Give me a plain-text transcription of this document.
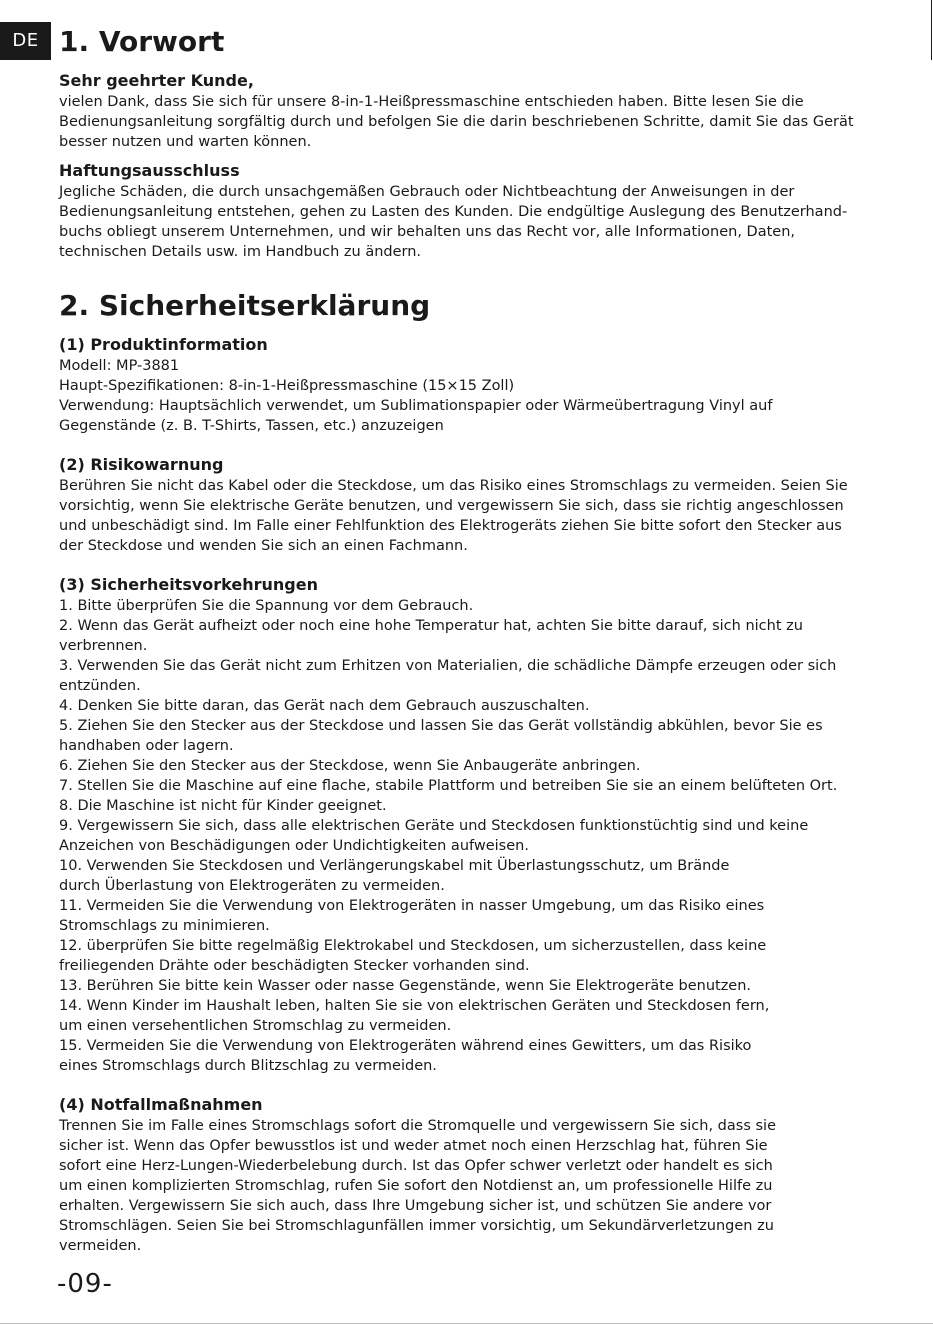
DE 1. Vorwort
Sehr geehrter Kunde,

vielen Dank, dass Sie sich für unsere 8-in-1-Heißpressmaschine entschieden haben. Bitte lesen Sie die

Bedienungsanleitung sorgfältig durch und befolgen Sie die darin beschriebenen Schritte, damit Sie das Gerät

besser nutzen und warten können.

Haftungsausschluss

Jegliche Schäden, die durch unsachgemäßen Gebrauch oder Nichtbeachtung der Anweisungen in der

Bedienungsanleitung entstehen, gehen zu Lasten des Kunden. Die endgültige Auslegung des Benutzerhand-

buchs obliegt unserem Unternehmen, und wir behalten uns das Recht vor, alle Informationen, Daten,

technischen Details usw. im Handbuch zu ändern.

2. Sicherheitserklärung
(1) Produktinformation

Modell: MP-3881

Haupt-Spezifikationen: 8-in-1-Heißpressmaschine (15×15 Zoll)

Verwendung: Hauptsächlich verwendet, um Sublimationspapier oder Wärmeübertragung Vinyl auf

Gegenstände (z. B. T-Shirts, Tassen, etc.) anzuzeigen

(2) Risikowarnung

Berühren Sie nicht das Kabel oder die Steckdose, um das Risiko eines Stromschlags zu vermeiden. Seien Sie

vorsichtig, wenn Sie elektrische Geräte benutzen, und vergewissern Sie sich, dass sie richtig angeschlossen

und unbeschädigt sind. Im Falle einer Fehlfunktion des Elektrogeräts ziehen Sie bitte sofort den Stecker aus

der Steckdose und wenden Sie sich an einen Fachmann.

(3) Sicherheitsvorkehrungen

1. Bitte überprüfen Sie die Spannung vor dem Gebrauch.

2. Wenn das Gerät aufheizt oder noch eine hohe Temperatur hat, achten Sie bitte darauf, sich nicht zu

verbrennen.

3. Verwenden Sie das Gerät nicht zum Erhitzen von Materialien, die schädliche Dämpfe erzeugen oder sich

entzünden.

4. Denken Sie bitte daran, das Gerät nach dem Gebrauch auszuschalten.

5. Ziehen Sie den Stecker aus der Steckdose und lassen Sie das Gerät vollständig abkühlen, bevor Sie es

handhaben oder lagern.

6. Ziehen Sie den Stecker aus der Steckdose, wenn Sie Anbaugeräte anbringen.

7. Stellen Sie die Maschine auf eine flache, stabile Plattform und betreiben Sie sie an einem belüfteten Ort.

8. Die Maschine ist nicht für Kinder geeignet.

9. Vergewissern Sie sich, dass alle elektrischen Geräte und Steckdosen funktionstüchtig sind und keine

Anzeichen von Beschädigungen oder Undichtigkeiten aufweisen.

10. Verwenden Sie Steckdosen und Verlängerungskabel mit Überlastungsschutz, um Brände

durch Überlastung von Elektrogeräten zu vermeiden.

11. Vermeiden Sie die Verwendung von Elektrogeräten in nasser Umgebung, um das Risiko eines

Stromschlags zu minimieren.

12. überprüfen Sie bitte regelmäßig Elektrokabel und Steckdosen, um sicherzustellen, dass keine

freiliegenden Drähte oder beschädigten Stecker vorhanden sind.

13. Berühren Sie bitte kein Wasser oder nasse Gegenstände, wenn Sie Elektrogeräte benutzen.

14. Wenn Kinder im Haushalt leben, halten Sie sie von elektrischen Geräten und Steckdosen fern,

um einen versehentlichen Stromschlag zu vermeiden.

15. Vermeiden Sie die Verwendung von Elektrogeräten während eines Gewitters, um das Risiko

eines Stromschlags durch Blitzschlag zu vermeiden.

(4) Notfallmaßnahmen

Trennen Sie im Falle eines Stromschlags sofort die Stromquelle und vergewissern Sie sich, dass sie

sicher ist. Wenn das Opfer bewusstlos ist und weder atmet noch einen Herzschlag hat, führen Sie

sofort eine Herz-Lungen-Wiederbelebung durch. Ist das Opfer schwer verletzt oder handelt es sich

um einen komplizierten Stromschlag, rufen Sie sofort den Notdienst an, um professionelle Hilfe zu

erhalten. Vergewissern Sie sich auch, dass Ihre Umgebung sicher ist, und schützen Sie andere vor

Stromschlägen. Seien Sie bei Stromschlagunfällen immer vorsichtig, um Sekundärverletzungen zu

vermeiden.

-09-
